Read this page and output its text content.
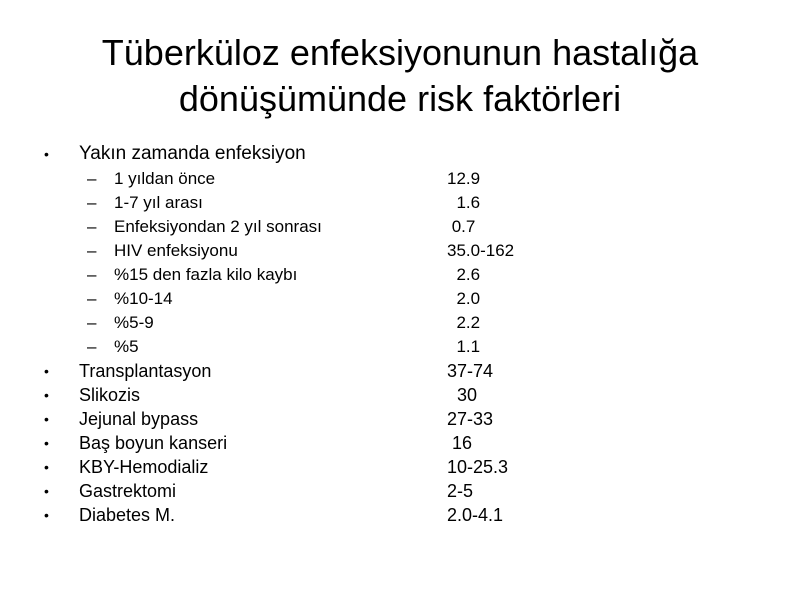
Tüberküloz enfeksiyonunun hastalığa
dönüşümünde risk faktörleri
• Yakın zamanda enfeksiyon
– 1 yıldan önce	12.9
– 1-7 yıl arası	1.6
– Enfeksiyondan 2 yıl sonrası	0.7
– HIV enfeksiyonu	35.0-162
– %15 den fazla kilo kaybı	2.6
– %10-14	2.0
– %5-9	2.2
– %5	1.1
• Transplantasyon	37-74
• Slikozis	30
• Jejunal bypass	27-33
• Baş boyun kanseri	16
• KBY-Hemodializ	10-25.3
• Gastrektomi	2-5
• Diabetes M.	2.0-4.1
